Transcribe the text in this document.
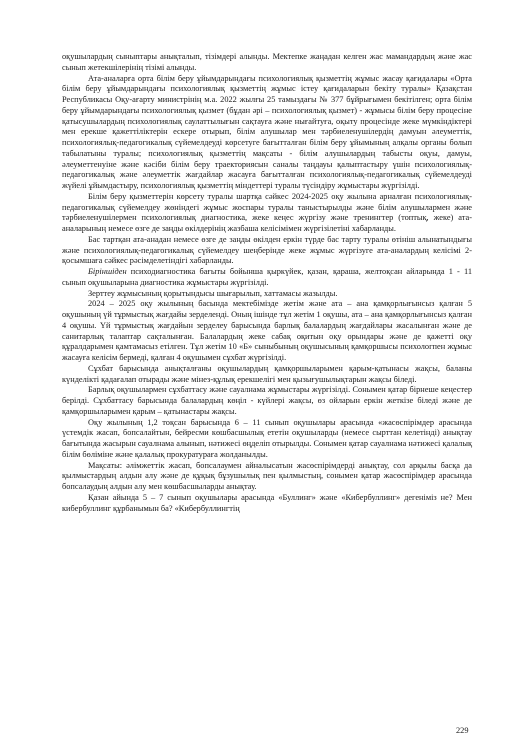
оқушылардың сыныптары анықталып, тізімдері алынды. Мектепке жаңадан келген жас мамандардың және жас сынып жетекшілерінің тізімі алынды.

Ата-аналарға орта білім беру ұйымдарындағы психологиялық қызметтің жұмыс жасау қағидалары «Орта білім беру ұйымдарындағы психологиялық қызметтің жұмыс істеу қағидаларын бекіту туралы» Қазақстан Республикасы Оқу-ағарту министрінің м.а. 2022 жылғы 25 тамыздағы № 377 бұйрығымен бекітілген; орта білім беру ұйымдарындағы психологиялық қызмет (бұдан әрі – психологиялық қызмет) - жұмысы білім беру процесіне қатысушылардың психологиялық саулаттылығын сақтауға және нығайтуға, оқыту процесінде жеке мүмкіндіктері мен ерекше қажеттіліктерін ескере отырып, білім алушылар мен тәрбиеленушілердің дамуын әлеуметтік, психологиялық-педагогикалық сүйемелдеуді көрсетуге бағытталған білім беру ұйымының алқалы органы болып табылатыны туралы; психологиялық қызметтің мақсаты - білім алушылардың табысты оқуы, дамуы, әлеуметтенуіне және кәсіби білім беру траекториясын саналы таңдауы қалыптастыру үшін психологиялық-педагогикалық және әлеуметтік жағдайлар жасауға бағытталған психологиялық-педагогикалық сүйемелдеуді жүйелі ұйымдастыру, психологиялық қызметтің міндеттері туралы түсіндіру жұмыстары жүргізілді.

Білім беру қызметтерін көрсету туралы шартқа сәйкес 2024-2025 оқу жылына арналған психологиялық-педагогикалық сүйемелдеу жөніндегі жұмыс жоспары туралы таныстырылды және білім алушылармен және тәрбиеленушілермен психологиялық диагностика, жеке кеңес жүргізу және тренингтер (топтық, жеке) ата-аналарының немесе өзге де заңды өкілдерінің жазбаша келісімімен жүргізілетіні хабарланды.

Бас тартқан ата-анадан немесе өзге де заңды өкілден еркін түрде бас тарту туралы өтініш алынатындығы және психологиялық-педагогикалық сүйемелдеу шеңберінде жеке жұмыс жүргізуге ата-аналардың келісімі 2-қосымшаға сәйкес рәсімделетіндігі хабарланды.

Біріншіден психодиагностика бағыты бойынша қыркүйек, қазан, қараша, желтоқсан айларында 1 - 11 сынып оқушыларына диагностика жұмыстары жүргізілді.

Зерттеу жұмысының қорытындысы шығарылып, хаттамасы жазылды.

2024 – 2025 оқу жылының басында мектебімізде жетім және ата – ана қамқорлығынсыз қалған 5 оқушының үй тұрмыстық жағдайы зерделенді. Оның ішінде тұл жетім 1 оқушы, ата – ана қамқорлығынсыз қалған 4 оқушы. Үй тұрмыстық жағдайын зерделеу барысында барлық балалардың жағдайлары жасалынған және де санитарлық талаптар сақталынған. Балалардың жеке сабақ оқитын оқу орындары және де қажетті оқу құралдарымен қамтамасыз етілген. Тұл жетім 10 «Б» сыныбының оқушысының қамқоршысы психологпен жұмыс жасауға келісім бермеді, қалған 4 оқушымен сұхбат жүргізілді.

Сұхбат барысында анықталғаны оқушылардың қамқоршыларымен қарым-қатынасы жақсы, баланы күнделікті қадағалап отырады және мінез-құлық ерекшелігі мен қызығушылықтарын жақсы біледі.

Барлық оқушылармен сұхбаттасу және сауалнама жұмыстары жүргізілді. Сонымен қатар бірнеше кеңестер берілді. Сұхбаттасу барысында балалардың көңіл - күйлері жақсы, өз ойларын еркін жеткізе біледі және де қамқоршыларымен қарым – қатынастары жақсы.

Оқу жылының 1,2 тоқсан барысында 6 – 11 сынып оқушылары арасында «жасөспірімдер арасында үстемдік жасап, бопсалайтын, бейресми көшбасшылық ететін оқушыларды (немесе сырттан келетінді) анықтау бағытында жасырын сауалнама алынып, нәтижесі өңделіп отырылды. Сонымен қатар сауалнама нәтижесі қалалық білім бөлімінe және қалалық прокуратураға жолданылды.

Мақсаты: әлімжеттік жасап, бопсалаумен айналысатын жасөспірімдерді анықтау, сол арқылы басқа да қылмыстардың алдын алу және де құқық бұзушылық пен қылмыстың, сонымен қатар жасөспірімдер арасында бопсалаудың алдын алу мен көшбасшыларды анықтау.

Қазан айында 5 – 7 сынып оқушылары арасында «Буллинг» және «Кибербуллинг» дегеніміз не? Мен кибербуллинг құрбанымын ба? «Кибербуллингтің

229
